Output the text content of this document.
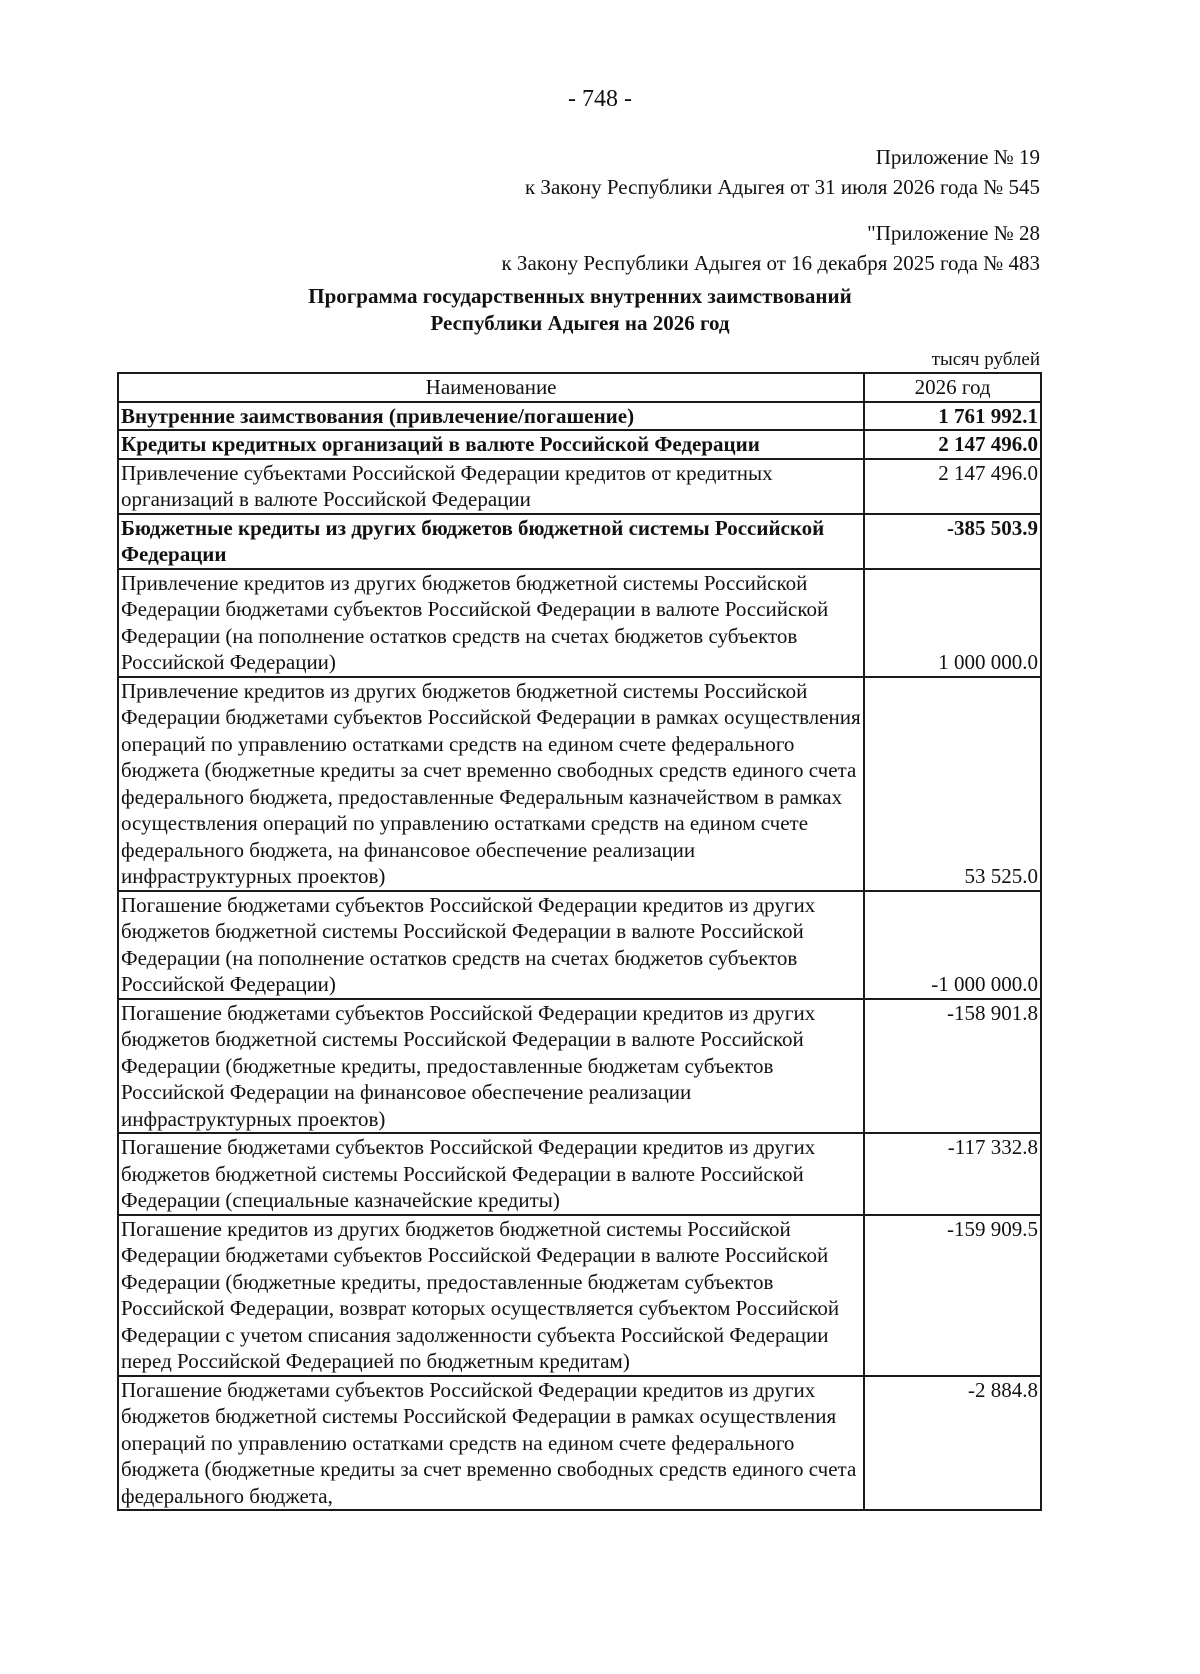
- 748 -
Приложение № 19
к Закону Республики Адыгея от 31 июля 2026 года № 545
"Приложение № 28
к Закону Республики Адыгея от 16 декабря 2025 года № 483
Программа государственных внутренних заимствований
Республики Адыгея на 2026 год
тысяч рублей
Наименование	2026 год
Внутренние заимствования (привлечение/погашение)	1 761 992.1
Кредиты кредитных организаций в валюте Российской Федерации	2 147 496.0
Привлечение субъектами Российской Федерации кредитов от кредитных организаций в валюте Российской Федерации	2 147 496.0
Бюджетные кредиты из других бюджетов бюджетной системы Российской Федерации	-385 503.9
Привлечение кредитов из других бюджетов бюджетной системы Российской Федерации бюджетами субъектов Российской Федерации в валюте Российской Федерации (на пополнение остатков средств на счетах бюджетов субъектов Российской Федерации)	1 000 000.0
Привлечение кредитов из других бюджетов бюджетной системы Российской Федерации бюджетами субъектов Российской Федерации в рамках осуществления операций по управлению остатками средств на едином счете федерального бюджета (бюджетные кредиты за счет временно свободных средств единого счета федерального бюджета, предоставленные Федеральным казначейством в рамках осуществления операций по управлению остатками средств на едином счете федерального бюджета, на финансовое обеспечение реализации инфраструктурных проектов)	53 525.0
Погашение бюджетами субъектов Российской Федерации кредитов из других бюджетов бюджетной системы Российской Федерации в валюте Российской Федерации (на пополнение остатков средств на счетах бюджетов субъектов Российской Федерации)	-1 000 000.0
Погашение бюджетами субъектов Российской Федерации кредитов из других бюджетов бюджетной системы Российской Федерации в валюте Российской Федерации (бюджетные кредиты, предоставленные бюджетам субъектов Российской Федерации на финансовое обеспечение реализации инфраструктурных проектов)	-158 901.8
Погашение бюджетами субъектов Российской Федерации кредитов из других бюджетов бюджетной системы Российской Федерации в валюте Российской Федерации (специальные казначейские кредиты)	-117 332.8
Погашение кредитов из других бюджетов бюджетной системы Российской Федерации бюджетами субъектов Российской Федерации в валюте Российской Федерации (бюджетные кредиты, предоставленные бюджетам субъектов Российской Федерации, возврат которых осуществляется субъектом Российской Федерации с учетом списания задолженности субъекта Российской Федерации перед Российской Федерацией по бюджетным кредитам)	-159 909.5
Погашение бюджетами субъектов Российской Федерации кредитов из других бюджетов бюджетной системы Российской Федерации в рамках осуществления операций по управлению остатками средств на едином счете федерального бюджета (бюджетные кредиты за счет временно свободных средств единого счета федерального бюджета,	-2 884.8
